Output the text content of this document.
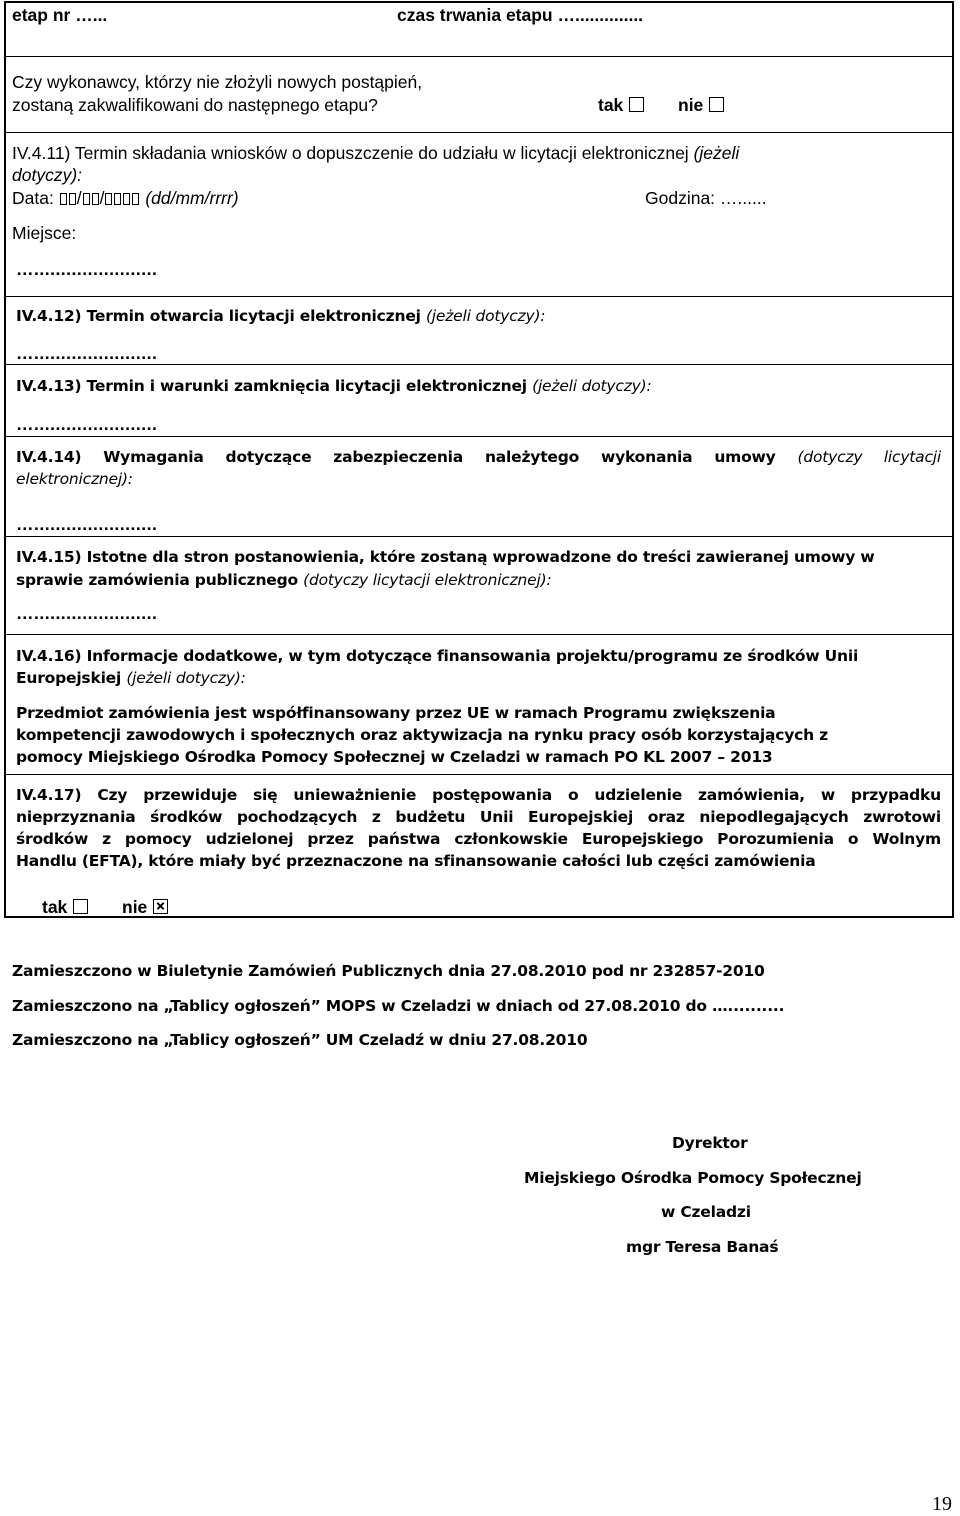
etap nr …...	czas trwania etapu …..............
Czy wykonawcy, którzy nie złożyli nowych postąpień,
zostaną zakwalifikowani do następnego etapu?	tak	nie
IV.4.11) Termin składania wniosków o dopuszczenie do udziału w licytacji elektronicznej (jeżeli
dotyczy):
Data: / / (dd/mm/rrrr)	Godzina: …......
Miejsce:
….......................
IV.4.12) Termin otwarcia licytacji elektronicznej (jeżeli dotyczy):
….......................
IV.4.13) Termin i warunki zamknięcia licytacji elektronicznej (jeżeli dotyczy):
….......................
IV.4.14) Wymagania dotyczące zabezpieczenia należytego wykonania umowy (dotyczy licytacji
elektronicznej):
….......................
IV.4.15) Istotne dla stron postanowienia, które zostaną wprowadzone do treści zawieranej umowy w
sprawie zamówienia publicznego (dotyczy licytacji elektronicznej):
….......................
IV.4.16) Informacje dodatkowe, w tym dotyczące finansowania projektu/programu ze środków Unii
Europejskiej (jeżeli dotyczy):
Przedmiot zamówienia jest współfinansowany przez UE w ramach Programu zwiększenia
kompetencji zawodowych i społecznych oraz aktywizacja na rynku pracy osób korzystających z
pomocy Miejskiego Ośrodka Pomocy Społecznej w Czeladzi w ramach PO KL 2007 – 2013
IV.4.17) Czy przewiduje się unieważnienie postępowania o udzielenie zamówienia, w przypadku
nieprzyznania środków pochodzących z budżetu Unii Europejskiej oraz niepodlegających zwrotowi
środków z pomocy udzielonej przez państwa członkowskie Europejskiego Porozumienia o Wolnym
Handlu (EFTA), które miały być przeznaczone na sfinansowanie całości lub części zamówienia
tak	nie
Zamieszczono w Biuletynie Zamówień Publicznych dnia 27.08.2010 pod nr 232857-2010
Zamieszczono na „Tablicy ogłoszeń” MOPS w Czeladzi w dniach od 27.08.2010 do …..........
Zamieszczono na „Tablicy ogłoszeń” UM Czeladź w dniu 27.08.2010
Dyrektor
Miejskiego Ośrodka Pomocy Społecznej
w Czeladzi
mgr Teresa Banaś
19
